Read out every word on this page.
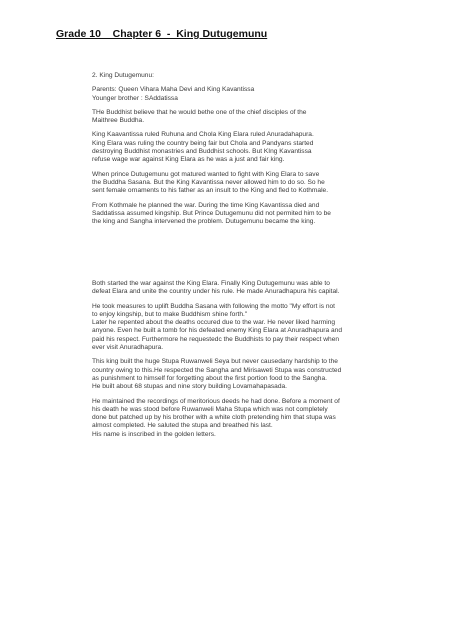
Grade 10    Chapter 6  -  King Dutugemunu

2. King Dutugemunu:

Parents: Queen Vihara Maha Devi and King Kavantissa
Younger brother : SAddatissa

THe Buddhist believe that he would bethe one of the chief disciples of the
Maithree Buddha.

King Kaavantissa ruled Ruhuna and Chola King Elara ruled Anuradahapura.
King Elara was ruling the country being fair but Chola and Pandyans started
destroying Buddhist monastries and Buddhist schools. But KIng Kavantissa
refuse wage war against King Elara as he was a just and fair king.

When prince Dutugemunu got matured wanted to fight with King Elara to save
the Buddha Sasana. But the King Kavantissa never allowed him to do so. So he
sent female ornaments to his father as an insult to the King and fled to Kothmale.

From Kothmale he planned the war. During the time King Kavantissa died and
Saddatissa assumed kingship. But Prince Dutugemunu did not permited him to be
the king and Sangha intervened the problem. Dutugemunu became the king.

Both started the war against the King Elara. Finally King Dutugemunu was able to
defeat Elara and unite the country under his rule. He made Anuradhapura his capital.

He took measures to uplift Buddha Sasana with following the motto "My effort is not
to enjoy kingship, but to make Buddhism shine forth."
Later he repented about the deaths occured due to the war. He never liked harming
anyone. Even he built a tomb for his defeated enemy King Elara at Anuradhapura and
paid his respect. Furthermore he requestedc the Buddhists to pay their respect when
ever visit Anuradhapura.

This king built the huge Stupa Ruwanweli Seya but never causedany hardship to the
country owing to this.He respected the Sangha and Mirisaweti Stupa was constructed
as punishment to himself for forgetting about the first portion food to the Sangha.
He built about 68 stupas and nine story building Lovamahapasada.

He maintained the recordings of meritorious deeds he had done. Before a moment of
his death he was stood before Ruwanweli Maha Stupa which was not completely
done but patched up by his brother with a white cloth pretending him that stupa was
almost completed. He saluted the stupa and breathed his last.
His name is inscribed in the golden letters.
